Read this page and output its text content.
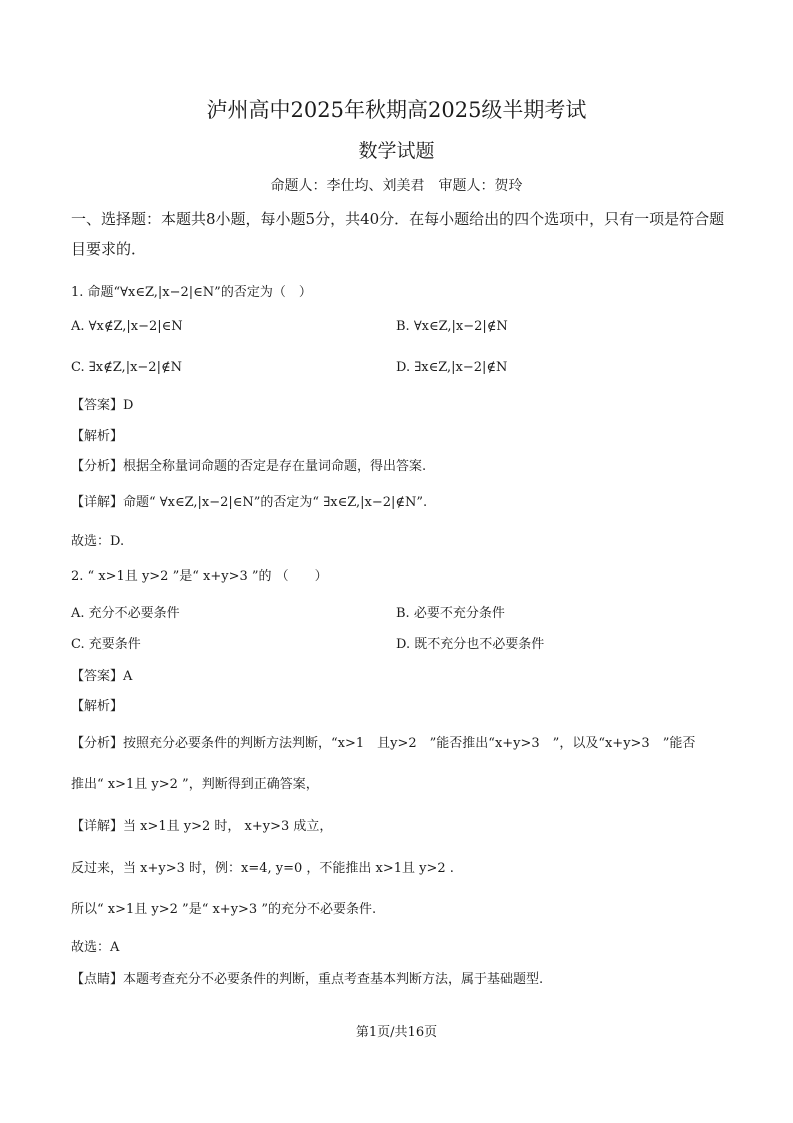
泸州高中2025年秋期高2025级半期考试
数学试题
命题人：李仕均、刘美君　审题人：贺玲
一、选择题：本题共8小题，每小题5分，共40分．在每小题给出的四个选项中，只有一项是符合题目要求的．
1. 命题“∀x∈Z,|x−2|∈N”的否定为（　）
A. ∀x∉Z,|x−2|∈N	B. ∀x∈Z,|x−2|∉N
C. ∃x∉Z,|x−2|∉N	D. ∃x∈Z,|x−2|∉N
【答案】D
【解析】
【分析】根据全称量词命题的否定是存在量词命题，得出答案.
【详解】命题“ ∀x∈Z,|x−2|∈N”的否定为“ ∃x∈Z,|x−2|∉N”.
故选：D.
2. “ x>1且 y>2 ”是“ x+y>3 ”的 （　　）
A. 充分不必要条件	B. 必要不充分条件
C. 充要条件	D. 既不充分也不必要条件
【答案】A
【解析】
【分析】按照充分必要条件的判断方法判断，“x>1　且y>2　”能否推出“x+y>3　”，以及“x+y>3　”能否
推出“ x>1且 y>2 ”，判断得到正确答案，
【详解】当 x>1且 y>2 时， x+y>3 成立，
反过来，当 x+y>3 时，例：x=4, y=0 ，不能推出 x>1且 y>2 .
所以“ x>1且 y>2 ”是“ x+y>3 ”的充分不必要条件.
故选：A
【点睛】本题考查充分不必要条件的判断，重点考查基本判断方法，属于基础题型.
第1页/共16页
